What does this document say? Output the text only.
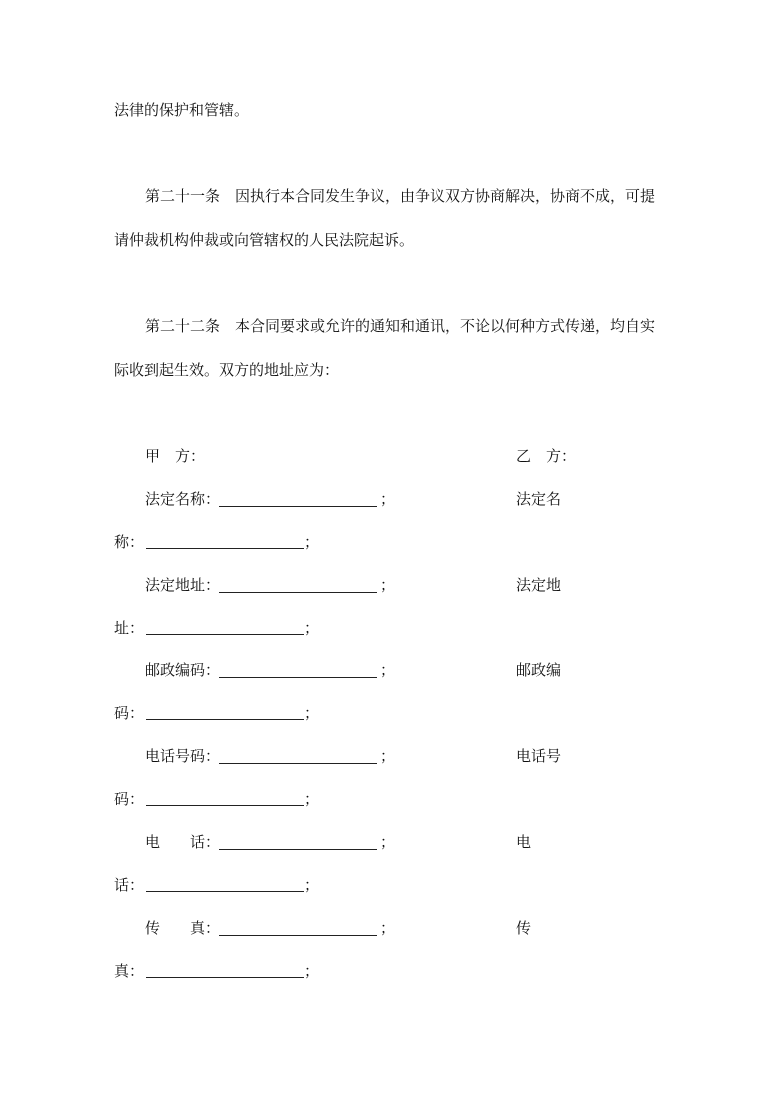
法律的保护和管辖。
第二十一条　因执行本合同发生争议，由争议双方协商解决，协商不成，可提
请仲裁机构仲裁或向管辖权的人民法院起诉。
第二十二条　本合同要求或允许的通知和通讯，不论以何种方式传递，均自实
际收到起生效。双方的地址应为：
甲　方：	乙　方：
法定名称：	；	法定名
称：	；
法定地址：	；	法定地
址：	；
邮政编码：	；	邮政编
码：	；
电话号码：	；	电话号
码：	；
电　　话：	；	电
话：	；
传　　真：	；	传
真：	；
